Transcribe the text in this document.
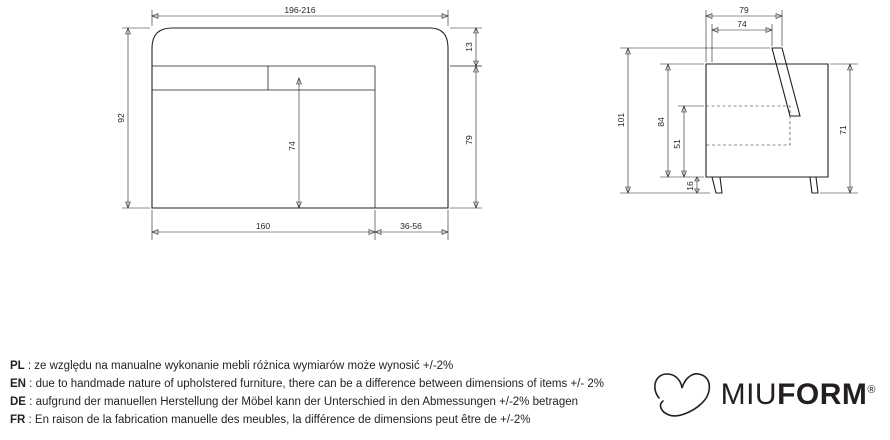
196-216
92
13
79
74
160	36-56
79
74
101	84
51
16
71
PL : ze względu na manualne wykonanie mebli różnica wymiarów może wynosić +/-2%
EN : due to handmade nature of upholstered furniture, there can be a difference between dimensions of items +/- 2%
DE : aufgrund der manuellen Herstellung der Möbel kann der Unterschied in den Abmessungen +/-2% betragen
FR : En raison de la fabrication manuelle des meubles, la différence de dimensions peut être de +/-2%
MIUFORM®
